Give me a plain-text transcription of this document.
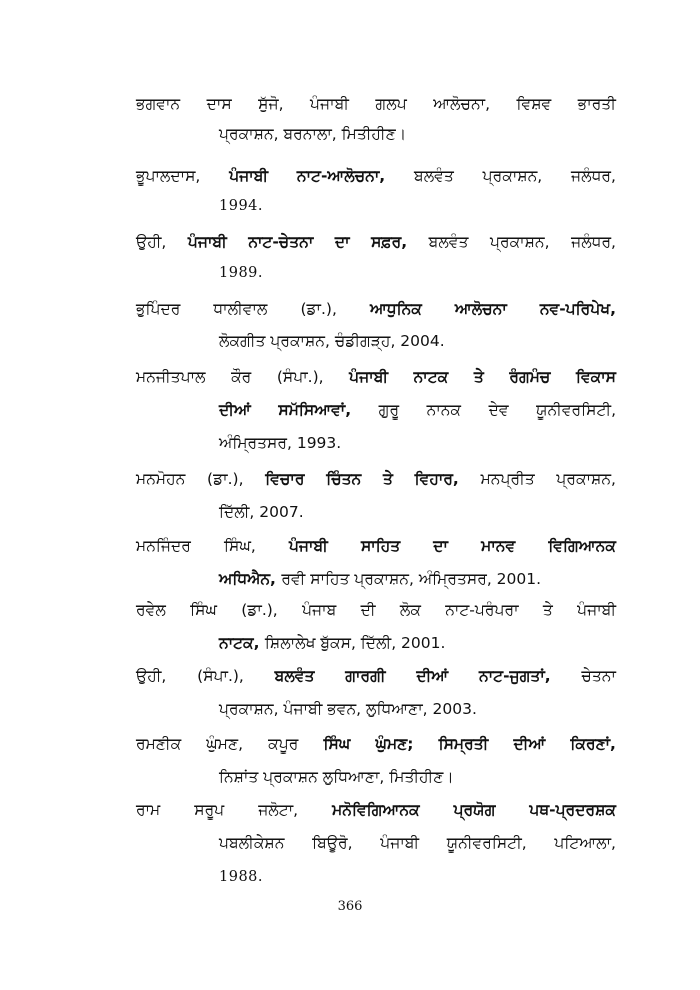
ਭਗਵਾਨ ਦਾਸ ਸੁੱਜੋ, ਪੰਜਾਬੀ ਗਲਪ ਆਲੋਚਨਾ, ਵਿਸ਼ਵ ਭਾਰਤੀ
ਪ੍ਰਕਾਸ਼ਨ, ਬਰਨਾਲਾ, ਮਿਤੀਹੀਣ।
ਭੂਪਾਲਦਾਸ, ਪੰਜਾਬੀ ਨਾਟ-ਆਲੋਚਨਾ, ਬਲਵੰਤ ਪ੍ਰਕਾਸ਼ਨ, ਜਲੰਧਰ,
1994.
ਉਹੀ, ਪੰਜਾਬੀ ਨਾਟ-ਚੇਤਨਾ ਦਾ ਸਫ਼ਰ, ਬਲਵੰਤ ਪ੍ਰਕਾਸ਼ਨ, ਜਲੰਧਰ,
1989.
ਭੁਪਿੰਦਰ ਧਾਲੀਵਾਲ (ਡਾ.), ਆਧੁਨਿਕ ਆਲੋਚਨਾ ਨਵ-ਪਰਿਪੇਖ,
ਲੋਕਗੀਤ ਪ੍ਰਕਾਸ਼ਨ, ਚੰਡੀਗੜ੍ਹ, 2004.
ਮਨਜੀਤਪਾਲ ਕੌਰ (ਸੰਪਾ.), ਪੰਜਾਬੀ ਨਾਟਕ ਤੇ ਰੰਗਮੰਚ ਵਿਕਾਸ
ਦੀਆਂ ਸਮੱਸਿਆਵਾਂ, ਗੁਰੂ ਨਾਨਕ ਦੇਵ ਯੂਨੀਵਰਸਿਟੀ,
ਅੰਮ੍ਰਿਤਸਰ, 1993.
ਮਨਮੋਹਨ (ਡਾ.), ਵਿਚਾਰ ਚਿੰਤਨ ਤੇ ਵਿਹਾਰ, ਮਨਪ੍ਰੀਤ ਪ੍ਰਕਾਸ਼ਨ,
ਦਿੱਲੀ, 2007.
ਮਨਜਿੰਦਰ ਸਿੰਘ, ਪੰਜਾਬੀ ਸਾਹਿਤ ਦਾ ਮਾਨਵ ਵਿਗਿਆਨਕ
ਅਧਿਐਨ, ਰਵੀ ਸਾਹਿਤ ਪ੍ਰਕਾਸ਼ਨ, ਅੰਮ੍ਰਿਤਸਰ, 2001.
ਰਵੇਲ ਸਿੰਘ (ਡਾ.), ਪੰਜਾਬ ਦੀ ਲੋਕ ਨਾਟ-ਪਰੰਪਰਾ ਤੇ ਪੰਜਾਬੀ
ਨਾਟਕ, ਸ਼ਿਲਾਲੇਖ ਬੁੱਕਸ, ਦਿੱਲੀ, 2001.
ਉਹੀ, (ਸੰਪਾ.), ਬਲਵੰਤ ਗਾਰਗੀ ਦੀਆਂ ਨਾਟ-ਜੁਗਤਾਂ, ਚੇਤਨਾ
ਪ੍ਰਕਾਸ਼ਨ, ਪੰਜਾਬੀ ਭਵਨ, ਲੁਧਿਆਣਾ, 2003.
ਰਮਣੀਕ ਘੁੰਮਣ, ਕਪੂਰ ਸਿੰਘ ਘੁੰਮਣ; ਸਿਮ੍ਰਤੀ ਦੀਆਂ ਕਿਰਣਾਂ,
ਨਿਸ਼ਾਂਤ ਪ੍ਰਕਾਸ਼ਨ ਲੁਧਿਆਣਾ, ਮਿਤੀਹੀਣ।
ਰਾਮ ਸਰੂਪ ਜਲੋਟਾ, ਮਨੋਵਿਗਿਆਨਕ ਪ੍ਰਯੋਗ ਪਥ-ਪ੍ਰਦਰਸ਼ਕ
ਪਬਲੀਕੇਸ਼ਨ ਬਿਊਰੋ, ਪੰਜਾਬੀ ਯੂਨੀਵਰਸਿਟੀ, ਪਟਿਆਲਾ,
1988.
366
